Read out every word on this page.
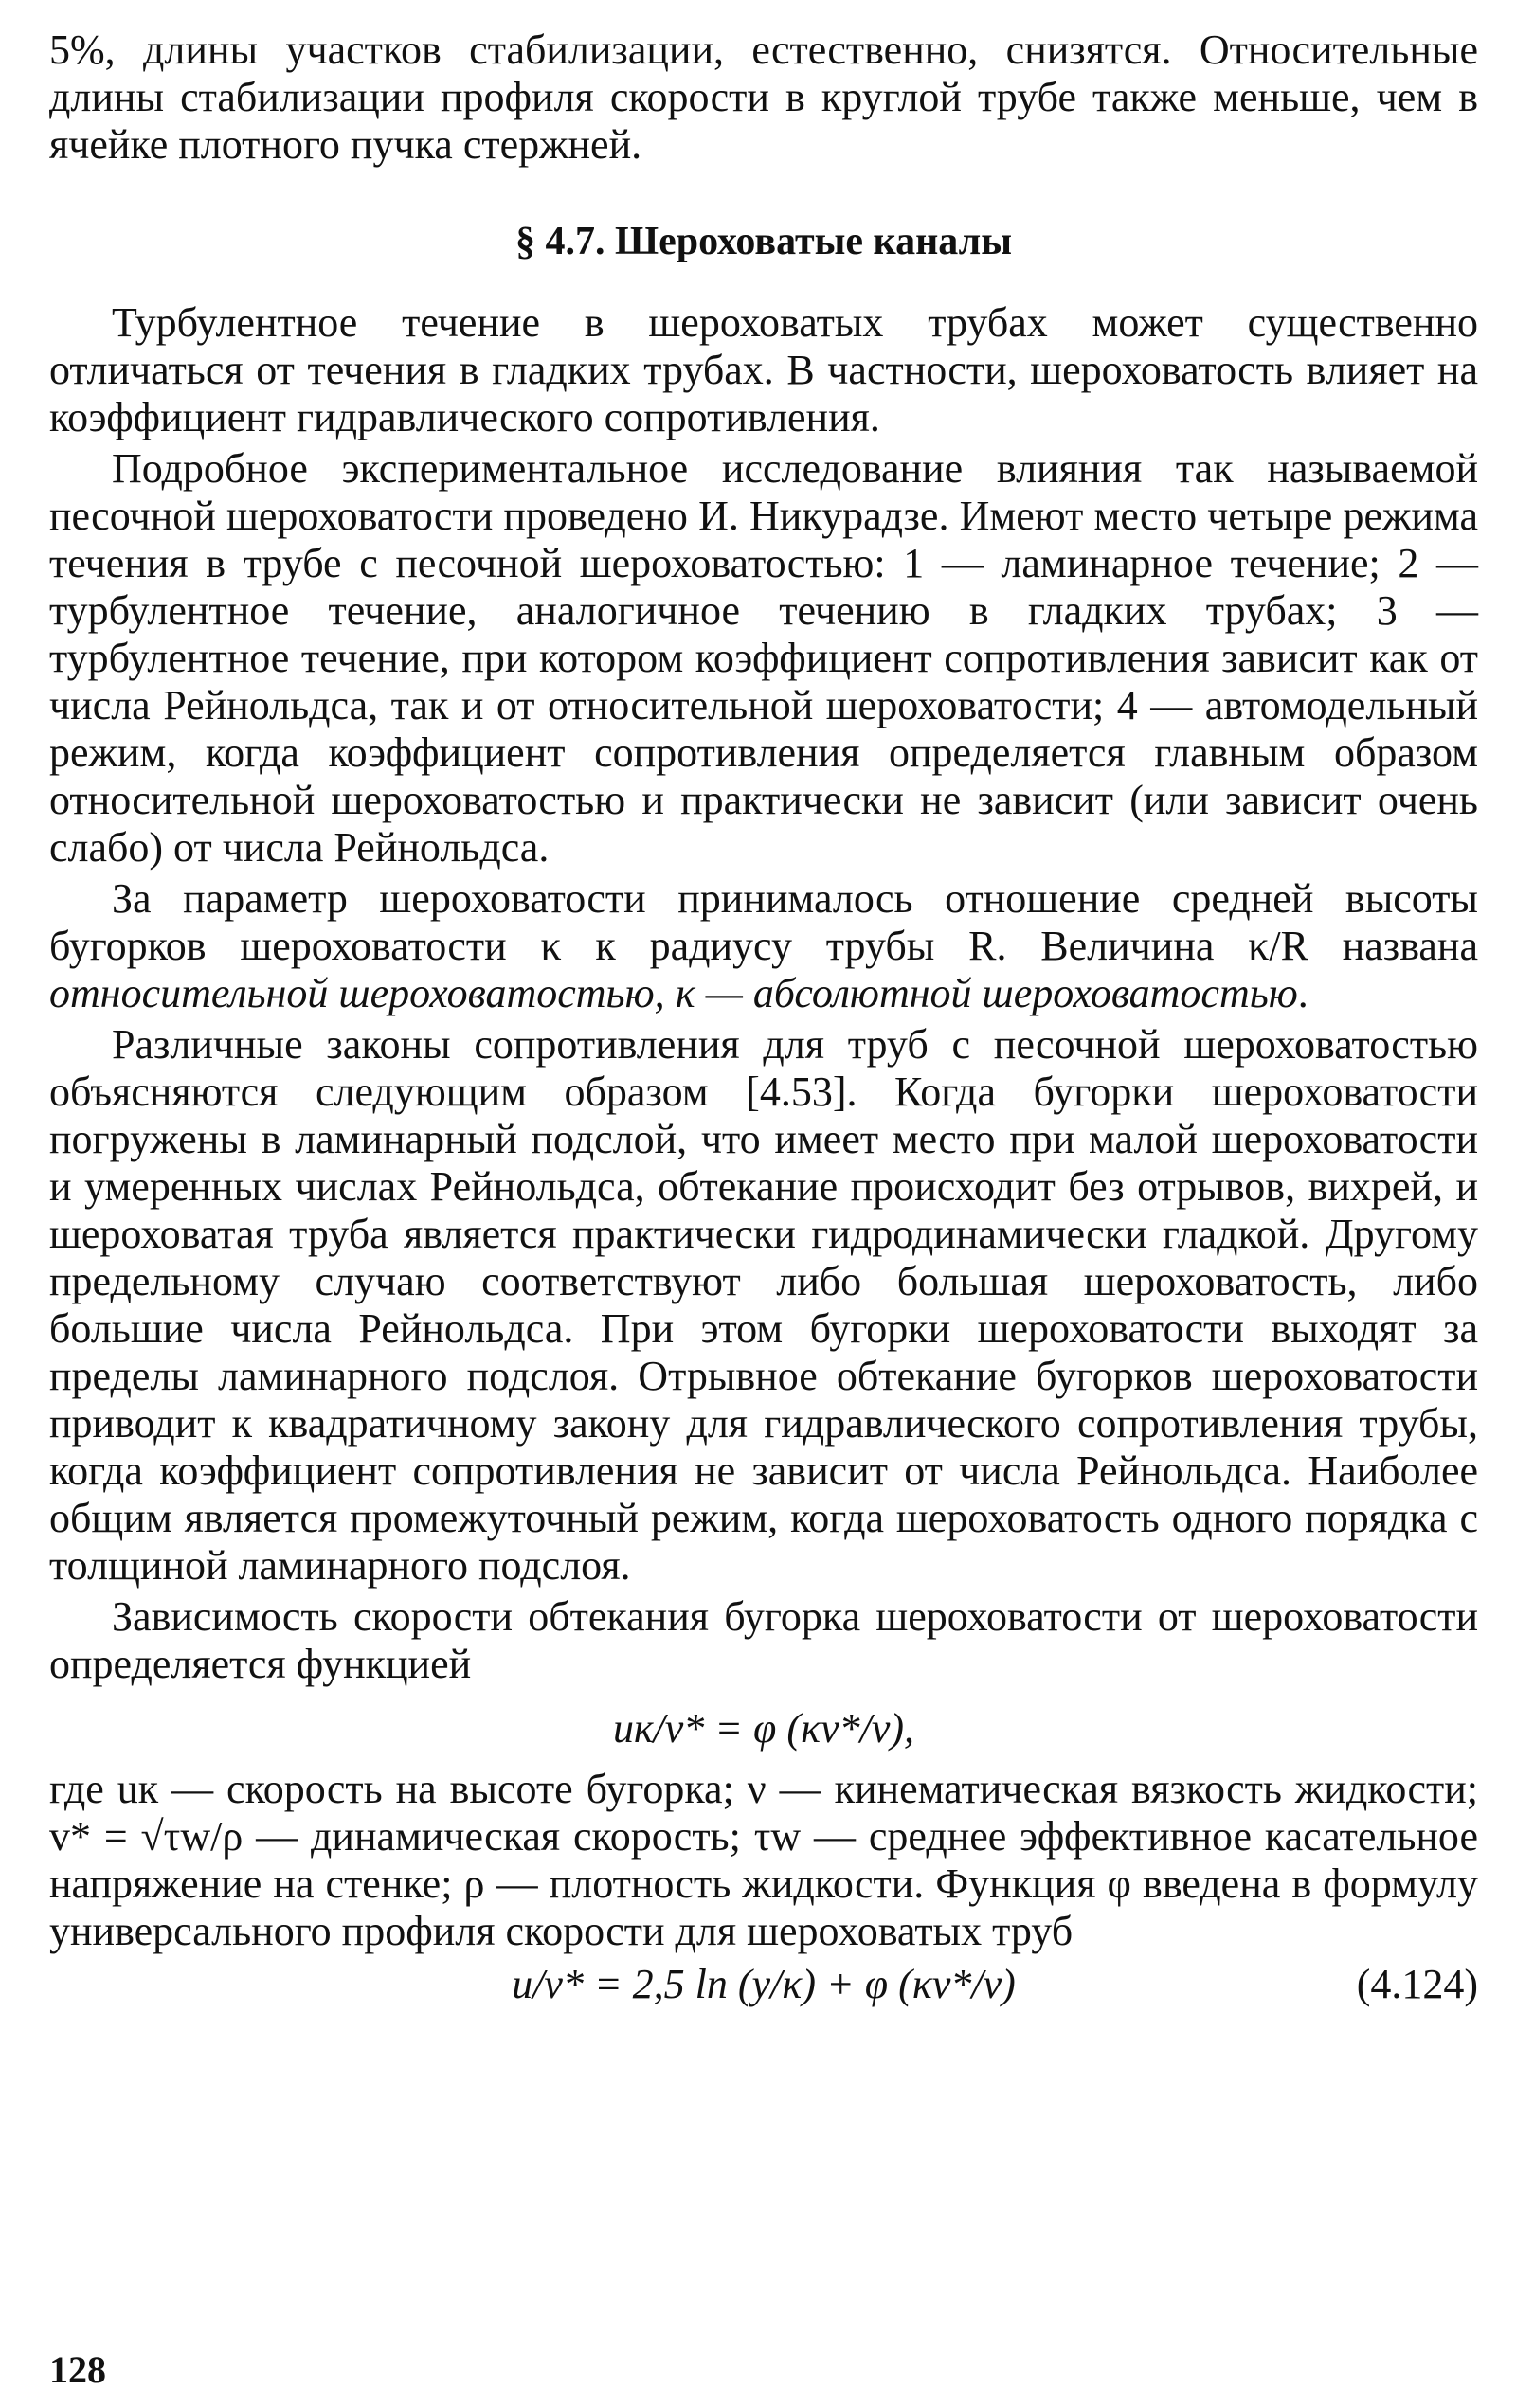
5%, длины участков стабилизации, естественно, снизятся. Относительные длины стабилизации профиля скорости в круглой трубе также меньше, чем в ячейке плотного пучка стержней.

§ 4.7. Шероховатые каналы

Турбулентное течение в шероховатых трубах может существенно отличаться от течения в гладких трубах. В частности, шероховатость влияет на коэффициент гидравлического сопротивления.

Подробное экспериментальное исследование влияния так называемой песочной шероховатости проведено И. Никурадзе. Имеют место четыре режима течения в трубе с песочной шероховатостью: 1 — ламинарное течение; 2 — турбулентное течение, аналогичное течению в гладких трубах; 3 — турбулентное течение, при котором коэффициент сопротивления зависит как от числа Рейнольдса, так и от относительной шероховатости; 4 — автомодельный режим, когда коэффициент сопротивления определяется главным образом относительной шероховатостью и практически не зависит (или зависит очень слабо) от числа Рейнольдса.

За параметр шероховатости принималось отношение средней высоты бугорков шероховатости κ к радиусу трубы R. Величина κ/R названа относительной шероховатостью, κ — абсолютной шероховатостью.

Различные законы сопротивления для труб с песочной шероховатостью объясняются следующим образом [4.53]. Когда бугорки шероховатости погружены в ламинарный подслой, что имеет место при малой шероховатости и умеренных числах Рейнольдса, обтекание происходит без отрывов, вихрей, и шероховатая труба является практически гидродинамически гладкой. Другому предельному случаю соответствуют либо большая шероховатость, либо большие числа Рейнольдса. При этом бугорки шероховатости выходят за пределы ламинарного подслоя. Отрывное обтекание бугорков шероховатости приводит к квадратичному закону для гидравлического сопротивления трубы, когда коэффициент сопротивления не зависит от числа Рейнольдса. Наиболее общим является промежуточный режим, когда шероховатость одного порядка с толщиной ламинарного подслоя.

Зависимость скорости обтекания бугорка шероховатости от шероховатости определяется функцией

uк/v* = φ (κv*/ν),

где uк — скорость на высоте бугорка; ν — кинематическая вязкость жидкости; v* = √τw/ρ — динамическая скорость; τw — среднее эффективное касательное напряжение на стенке; ρ — плотность жидкости. Функция φ введена в формулу универсального профиля скорости для шероховатых труб

u/v* = 2,5 ln (y/κ) + φ (κv*/ν)	(4.124)
128
